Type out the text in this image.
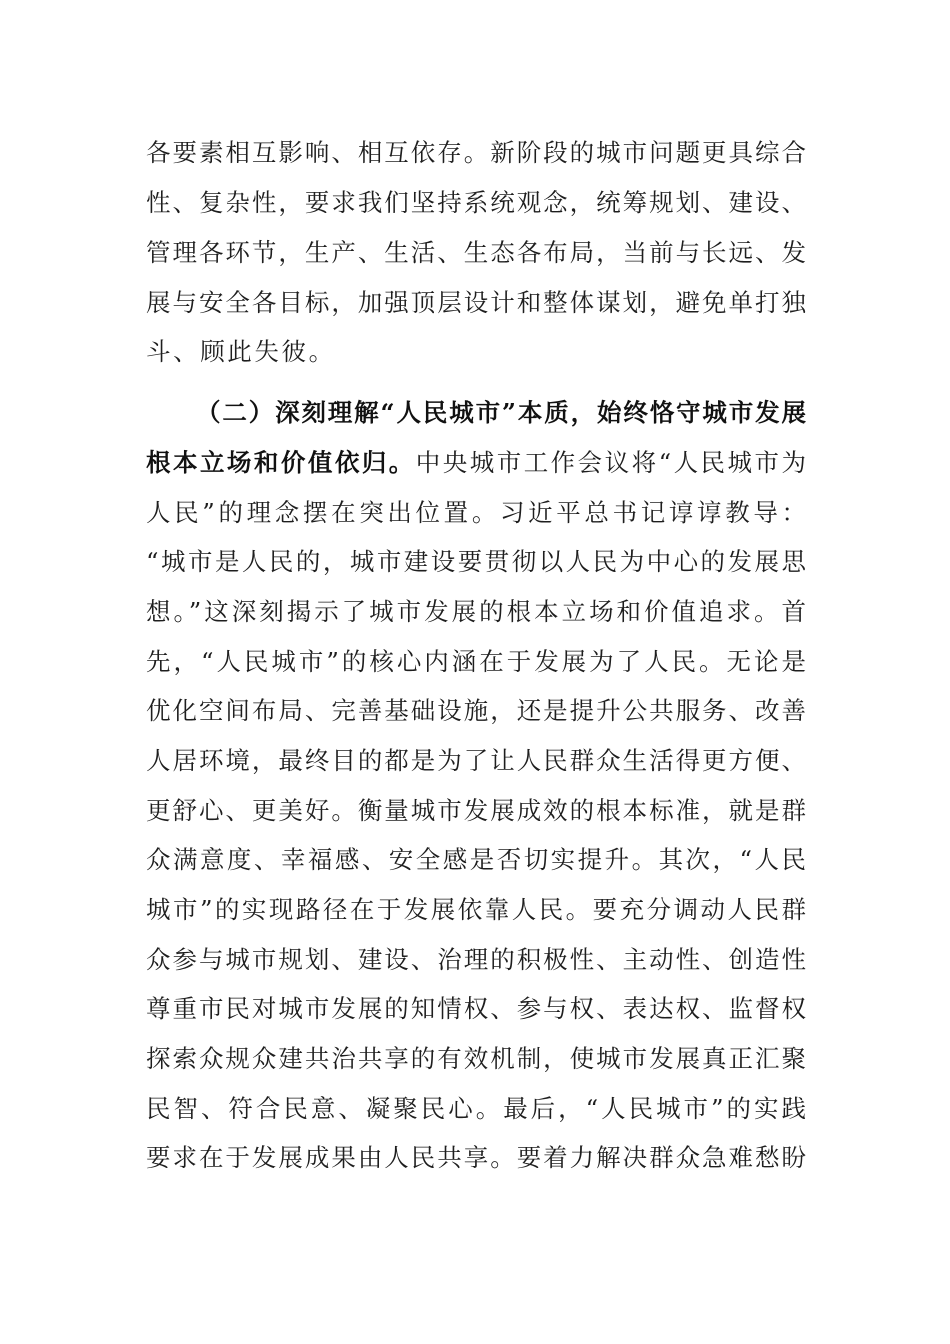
各要素相互影响、相互依存。新阶段的城市问题更具综合
性、复杂性，要求我们坚持系统观念，统筹规划、建设、
管理各环节，生产、生活、生态各布局，当前与长远、发
展与安全各目标，加强顶层设计和整体谋划，避免单打独
斗、顾此失彼。
（二）深刻理解“人民城市”本质，始终恪守城市发展
根本立场和价值依归。中央城市工作会议将“人民城市为
人民”的理念摆在突出位置。习近平总书记谆谆教导：
“城市是人民的，城市建设要贯彻以人民为中心的发展思
想。”这深刻揭示了城市发展的根本立场和价值追求。首
先，“人民城市”的核心内涵在于发展为了人民。无论是
优化空间布局、完善基础设施，还是提升公共服务、改善
人居环境，最终目的都是为了让人民群众生活得更方便、
更舒心、更美好。衡量城市发展成效的根本标准，就是群
众满意度、幸福感、安全感是否切实提升。其次，“人民
城市”的实现路径在于发展依靠人民。要充分调动人民群
众参与城市规划、建设、治理的积极性、主动性、创造性
尊重市民对城市发展的知情权、参与权、表达权、监督权
探索众规众建共治共享的有效机制，使城市发展真正汇聚
民智、符合民意、凝聚民心。最后，“人民城市”的实践
要求在于发展成果由人民共享。要着力解决群众急难愁盼
